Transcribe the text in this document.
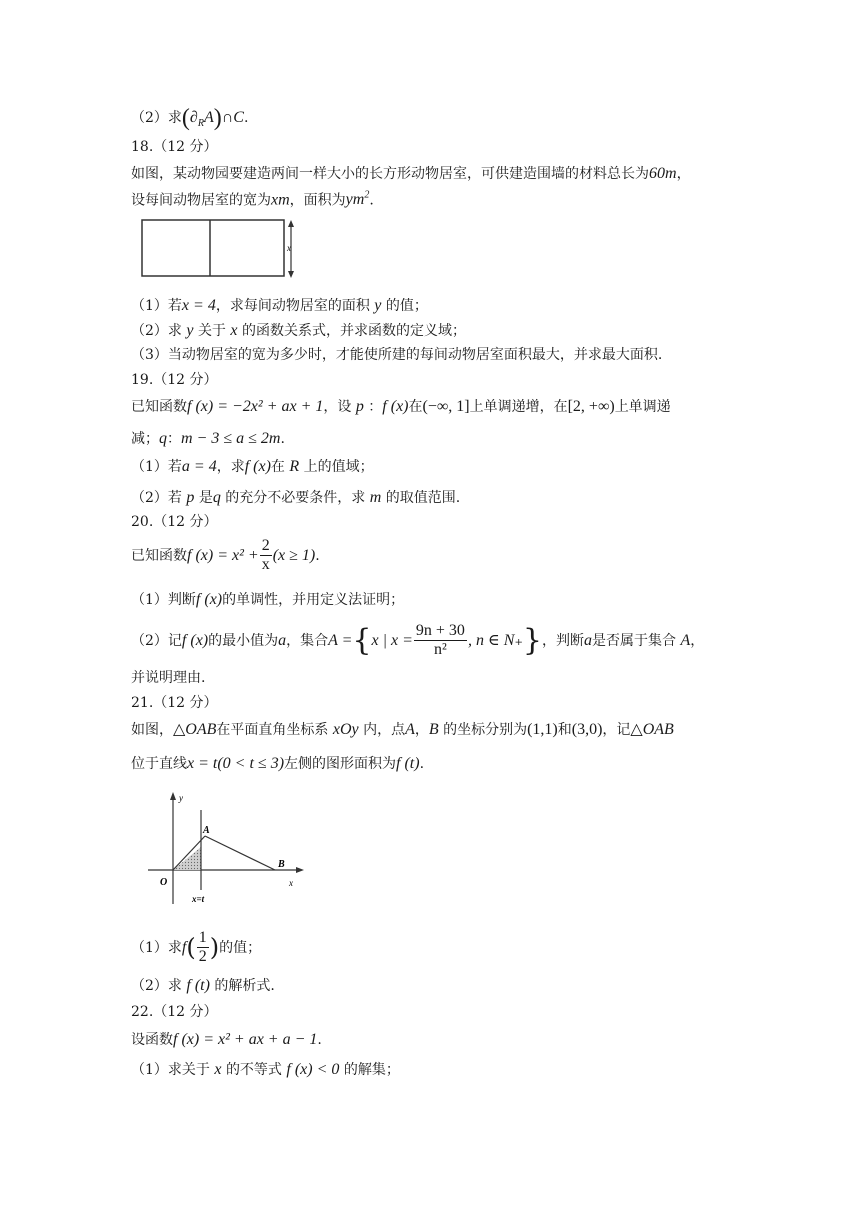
（2）求$(\partial_RA)\cap C$.
18.（12 分）
如图，某动物园要建造两间一样大小的长方形动物居室，可供建造围墙的材料总长为60m，
设每间动物居室的宽为xm，面积为$ym^2$.
x
（1）若x = 4，求每间动物居室的面积 y 的值；
（2）求 y 关于 x 的函数关系式，并求函数的定义域；
（3）当动物居室的宽为多少时，才能使所建的每间动物居室面积最大，并求最大面积.
19.（12 分）
已知函数f (x) = −2x² + ax + 1，设 p ：f (x)在(−∞, 1]上单调递增，在[2, +∞)上单调递
减；q：m − 3 ≤ a ≤ 2m.
（1）若a = 4，求f (x)在 R 上的值域；
（2）若 p 是q 的充分不必要条件，求 m 的取值范围.
20.（12 分）
已知函数f $(x) = x^2 + \frac{2}{x} (x \ge 1)$.
（1）判断f (x)的单调性，并用定义法证明；
（2）记f (x)的最小值为a，集合A ={x | $x = \frac{9n + 30}{\text{n²}}$ , n ∈ N₊}，判断a是否属于集合 A，
并说明理由.
21.（12 分）
如图，△OAB在平面直角坐标系 xOy 内，点A，B 的坐标分别为(1,1)和(3,0)，记△OAB
位于直线x = t(0 < t ≤ 3)左侧的图形面积为f (t).
y
x
O
A
B
x=t
（1）求$f( \frac{1}{2}$ )的值；
（2）求 f (t) 的解析式.
22.（12 分）
设函数f (x) = x² + ax + a − 1.
（1）求关于 x 的不等式 f (x) < 0 的解集；
